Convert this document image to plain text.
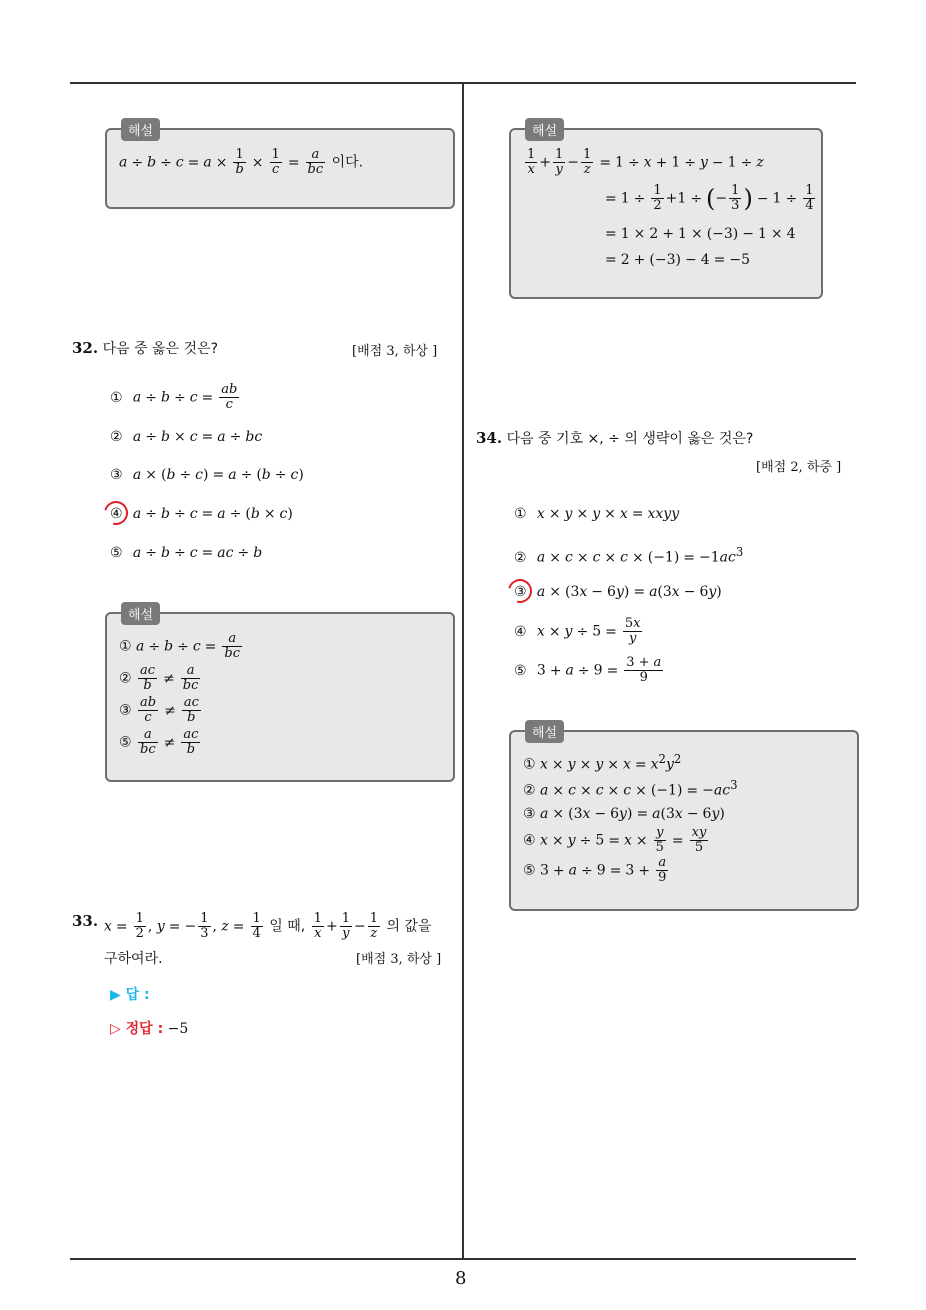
8
해설
$a \div b \div c = a \times \frac{1}{b} \times \frac{1}{c} = \frac{a}{bc}$ 이다.
32. 다음 중 옳은 것은?	[배점 3, 하상 ]
① $a \div b \div c = \frac{ab}{c}$
② a ÷ b × c = a ÷ bc
③ a × (b ÷ c) = a ÷ (b ÷ c)
④ a ÷ b ÷ c = a ÷ (b × c)
⑤ a ÷ b ÷ c = ac ÷ b
해설
① $a \div b \div c = \frac{a}{bc}$
② $\frac{ac}{b} \ne \frac{a}{bc}$
③ $\frac{ab}{c} \ne \frac{ac}{b}$
⑤ $\frac{a}{bc} \ne \frac{ac}{b}$
33. $x = \frac{1}{2}$ , y = − $\frac{1}{3}$ , $z = \frac{1}{4}$ 일 때, $\frac{1}{x} + \frac{1}{y} - \frac{1}{z}$ 의 값을
구하여라.	[배점 3, 하상 ]
▶ 답 :
▷ 정답 : −5
해설
$\frac{1}{x} + \frac{1}{y} - \frac{1}{z} = 1 \div x + 1 \div y - 1 \div z$
= $1 \div \frac{1}{2} +1$ ÷ (− $\frac{1}{3}$ ) − $1 \div \frac{1}{4}$
= 1 × 2 + 1 × (−3) − 1 × 4
= 2 + (−3) − 4 = −5
34. 다음 중 기호 ×, ÷ 의 생략이 옳은 것은?
[배점 2, 하중 ]
① x × y × y × x = xxyy
② $a \times c \times c \times c \times (-1) = -1ac^3$
③ a × (3x − 6y) = a(3x − 6y)
④ $x \times y \div 5 = \frac{5x}{y}$
⑤  $3 + a \div 9 = \frac{3 + a}{9}$
해설
① $x \times y \times y \times x = x^2y^2$
② $a \times c \times c \times c \times (-1) = -ac^3$
③ a × (3x − 6y) = a(3x − 6y)
④ $x \times y \div 5 = x \times \frac{y}{5} = \frac{xy}{5}$
⑤ $3 + a \div 9 = 3 + \frac{a}{9}$
